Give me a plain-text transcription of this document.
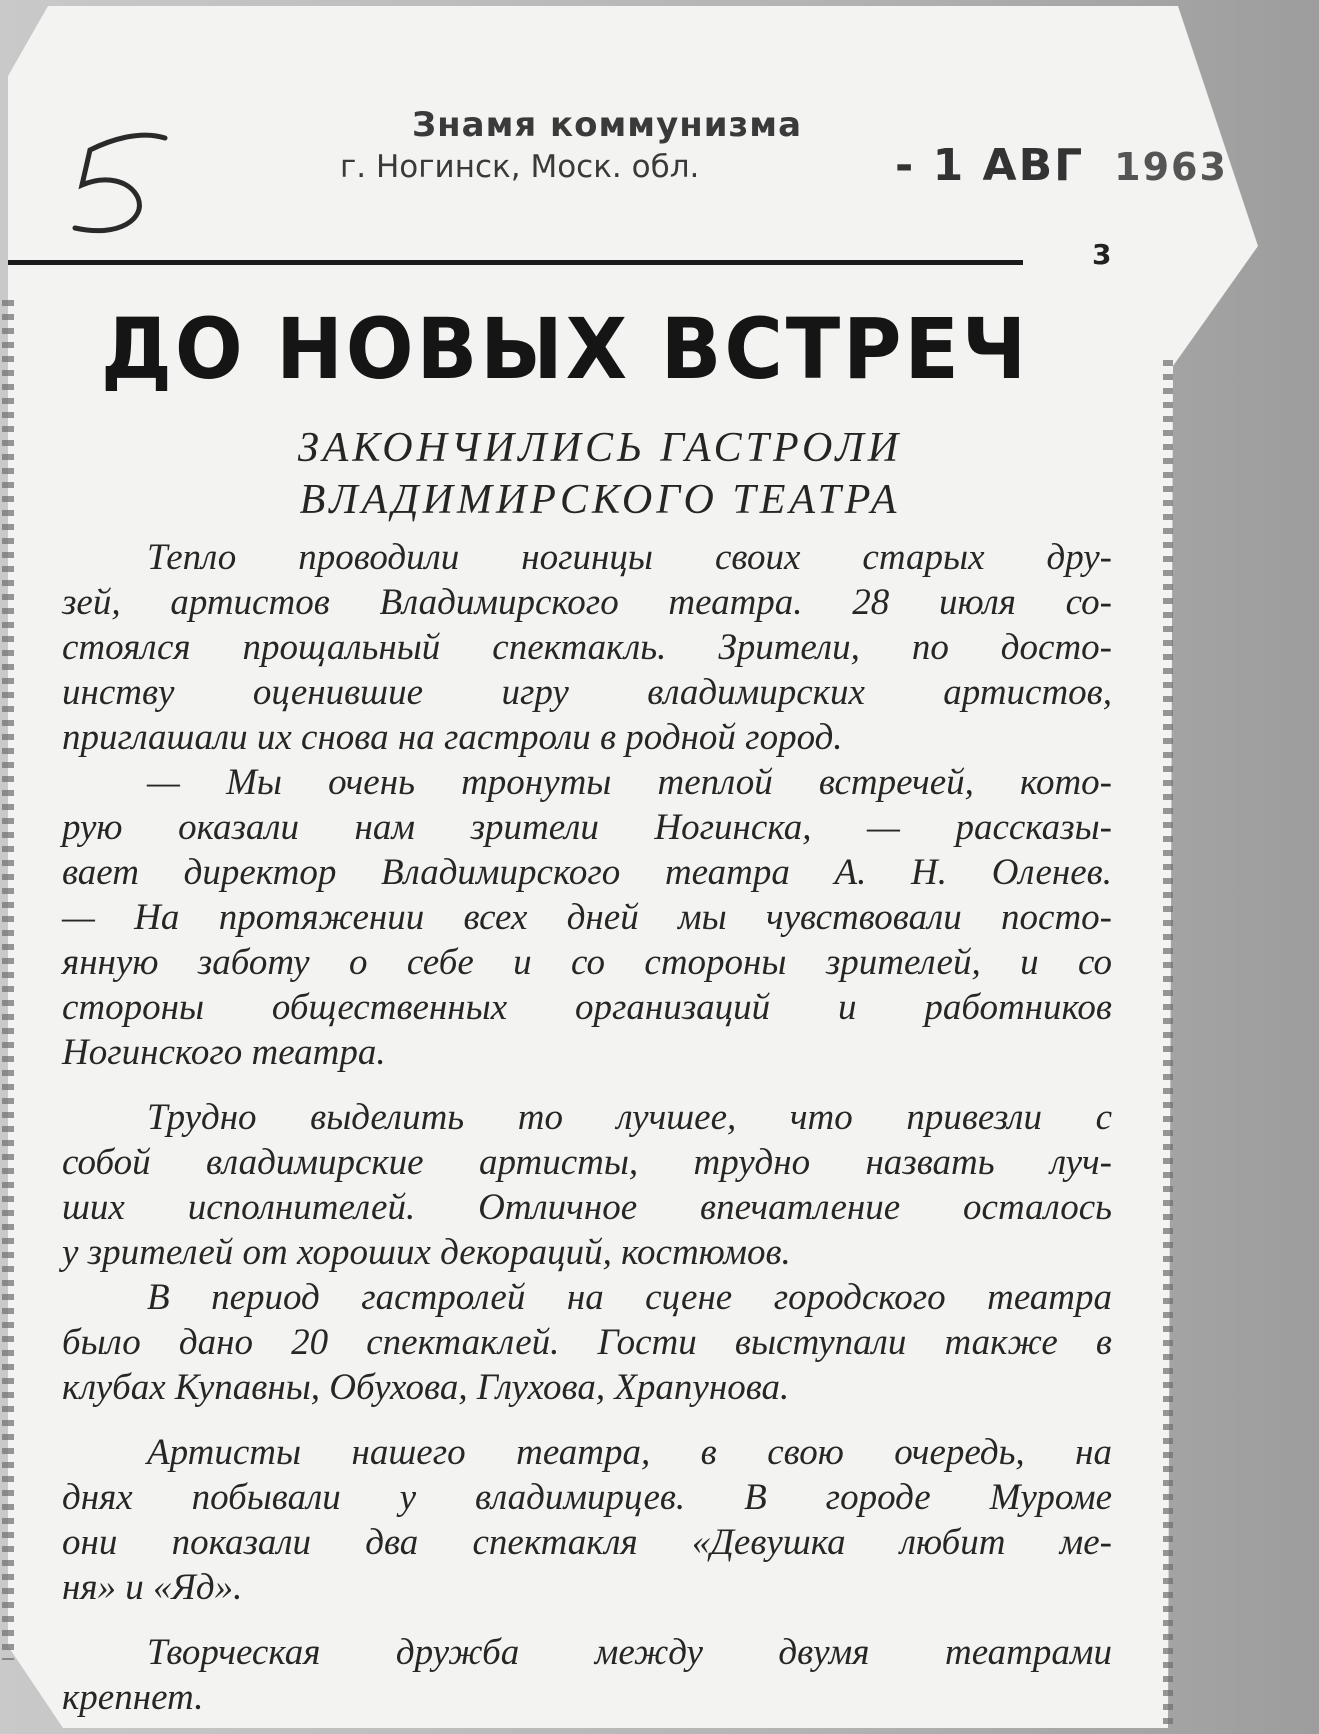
Знамя коммунизма
г. Ногинск, Моск. обл.	- 1 АВГ 1963
3
ДО НОВЫХ ВСТРЕЧ
ЗАКОНЧИЛИСЬ ГАСТРОЛИ
ВЛАДИМИРСКОГО ТЕАТРА

Тепло проводили ногинцы своих старых дру-

зей, артистов Владимирского театра. 28 июля со-

стоялся прощальный спектакль. Зрители, по досто-

инству оценившие игру владимирских артистов,

приглашали их снова на гастроли в родной город.

— Мы очень тронуты теплой встречей, кото-

рую оказали нам зрители Ногинска, — рассказы-

вает директор Владимирского театра А. Н. Оленев.

— На протяжении всех дней мы чувствовали посто-

янную заботу о себе и со стороны зрителей, и со

стороны общественных организаций и работников

Ногинского театра.

Трудно выделить то лучшее, что привезли с

собой владимирские артисты, трудно назвать луч-

ших исполнителей. Отличное впечатление осталось

у зрителей от хороших декораций, костюмов.

В период гастролей на сцене городского театра

было дано 20 спектаклей. Гости выступали также в

клубах Купавны, Обухова, Глухова, Храпунова.

Артисты нашего театра, в свою очередь, на

днях побывали у владимирцев. В городе Муроме

они показали два спектакля «Девушка любит ме-

ня» и «Яд».

Творческая дружба между двумя театрами

крепнет.
